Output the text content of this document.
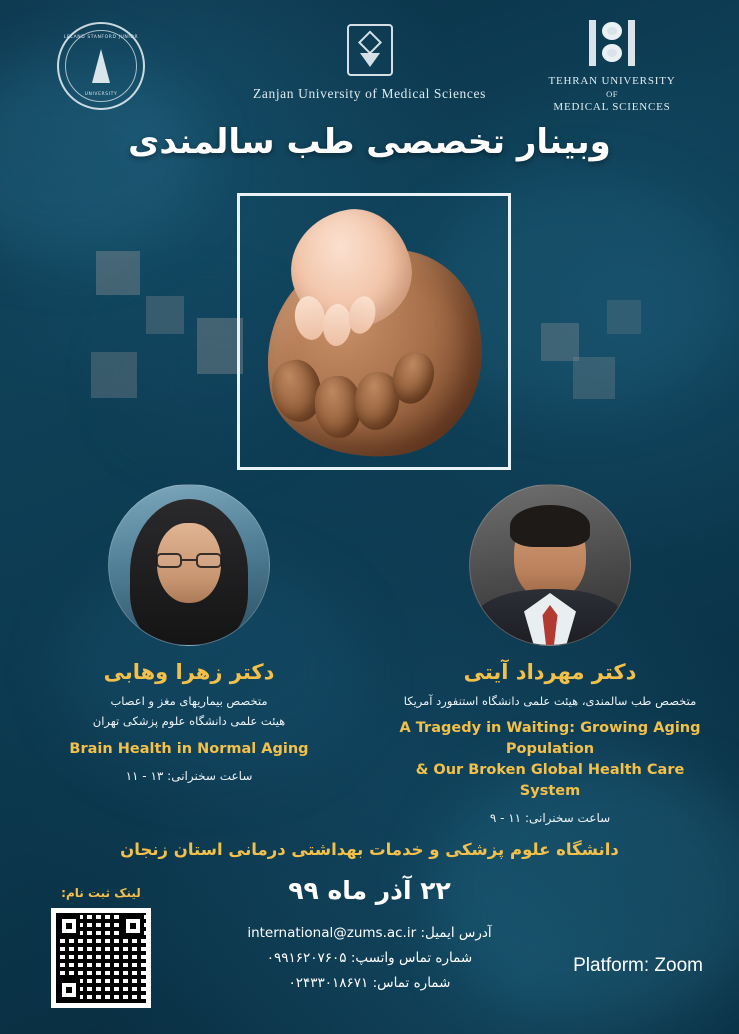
LELAND STANFORD JUNIOR
UNIVERSITY	Zanjan University of Medical Sciences
TEHRAN UNIVERSITY
OF
MEDICAL SCIENCES
وبینار تخصصی طب سالمندی
دکتر مهرداد آیتی
متخصص طب سالمندی، هیئت علمی دانشگاه استنفورد آمریکا
A Tragedy in Waiting: Growing Aging Population
& Our Broken Global Health Care System
ساعت سخنرانی: ۱۱ - ۹
دکتر زهرا وهابی
متخصص بیماریهای مغز و اعصاب
هیئت علمی دانشگاه علوم پزشکی تهران
Brain Health in Normal Aging
ساعت سخنرانی: ۱۳ - ۱۱
دانشگاه علوم پزشکی و خدمات بهداشتی درمانی استان زنجان
۲۲ آذر ماه ۹۹
آدرس ایمیل: international@zums.ac.ir
شماره تماس واتسپ: ۰۹۹۱۶۲۰۷۶۰۵
شماره تماس: ۰۲۴۳۳۰۱۸۶۷۱
لینک ثبت نام:
Platform: Zoom
